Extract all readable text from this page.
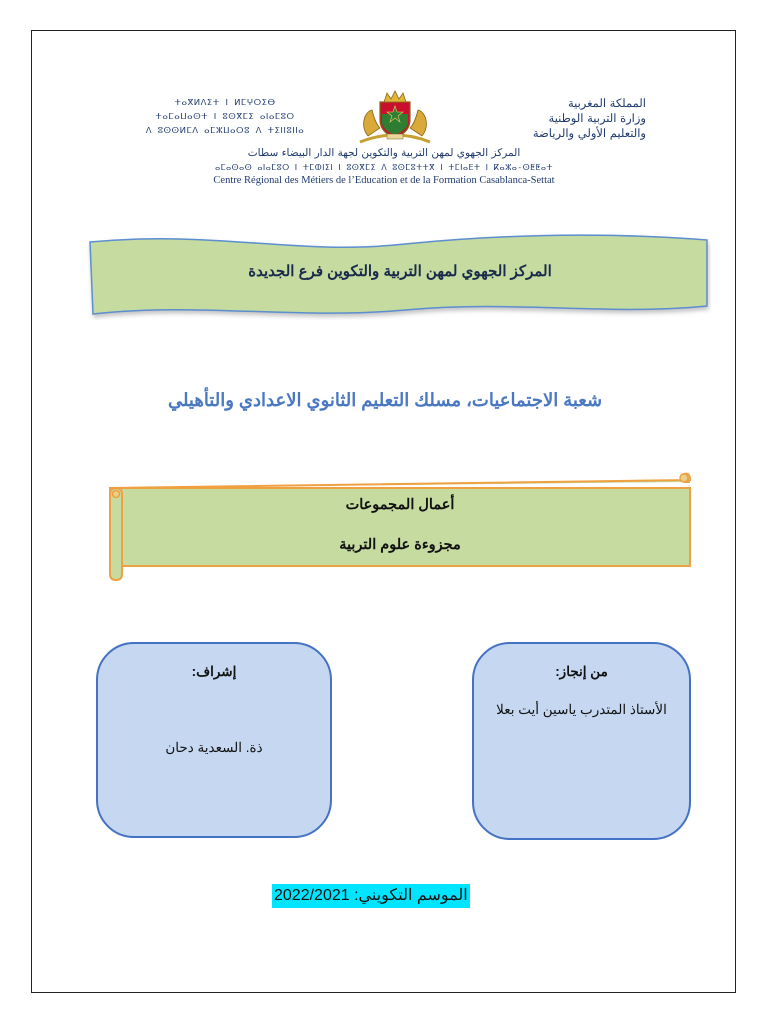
المملكة المغربية
وزارة التربية الوطنية
والتعليم الأولي والرياضة
ⵜⴰⴳⵍⴷⵉⵜ ⵏ ⵍⵎⵖⵔⵉⴱ
ⵜⴰⵎⴰⵡⴰⵙⵜ ⵏ ⵓⵙⴳⵎⵉ ⴰⵏⴰⵎⵓⵔ
ⴷ ⵓⵙⵙⵍⵎⴷ ⴰⵎⵣⵡⴰⵔⵓ ⴷ ⵜⵉⵏⵏⵓⵏⵏⴰ
المركز الجهوي لمهن التربية والتكوين لجهة الدار البيضاء سطات
ⴰⵎⴰⵙⴰⵙ ⴰⵏⴰⵎⵓⵔ ⵏ ⵜⵎⵀⵏⵉⵏ ⵏ ⵓⵙⴳⵎⵉ ⴷ ⵓⵙⵎⵓⵜⵜⴳ ⵏ ⵜⵎⵏⴰⴹⵜ ⵏ ⴽⴰⵣⴰ-ⵙⵟⵟⴰⵜ
Centre Régional des Métiers de l’Education et de la Formation Casablanca-Settat
المركز الجهوي لمهن التربية والتكوين فرع الجديدة
شعبة الاجتماعيات، مسلك التعليم الثانوي الاعدادي والتأهيلي
أعمال المجموعات
مجزوءة علوم التربية
من إنجاز:
الأستاذ المتدرب ياسين أيت بعلا
إشراف:
ذة. السعدية دحان
الموسم التكويني: 2022/2021
